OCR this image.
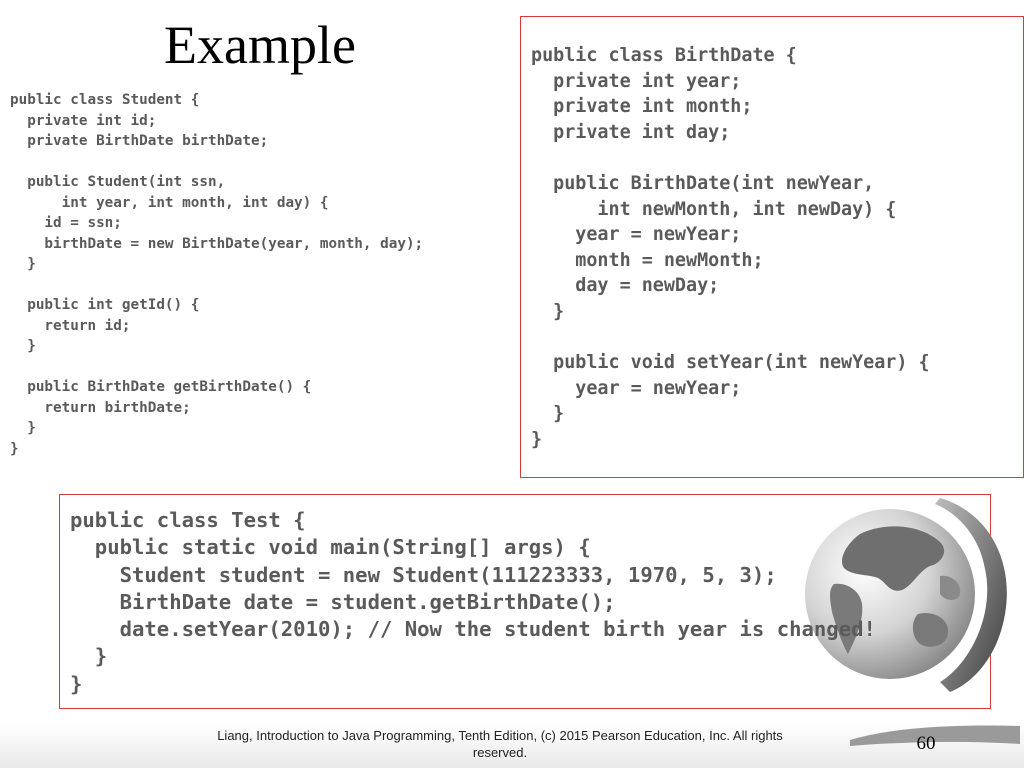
Example
public class Student {
private int id;
private BirthDate birthDate;

public Student(int ssn,
int year, int month, int day) {
id = ssn;
birthDate = new BirthDate(year, month, day);
}

public int getId() {
return id;
}

public BirthDate getBirthDate() {
return birthDate;
}
}
public class BirthDate {
private int year;
private int month;
private int day;

public BirthDate(int newYear,
int newMonth, int newDay) {
year = newYear;
month = newMonth;
day = newDay;
}

public void setYear(int newYear) {
year = newYear;
}
}
public class Test {
public static void main(String[] args) {
Student student = new Student(111223333, 1970, 5, 3);
BirthDate date = student.getBirthDate();
date.setYear(2010); // Now the student birth year is changed!
}
}
Liang, Introduction to Java Programming, Tenth Edition, (c) 2015 Pearson Education, Inc. All rights reserved.	60
